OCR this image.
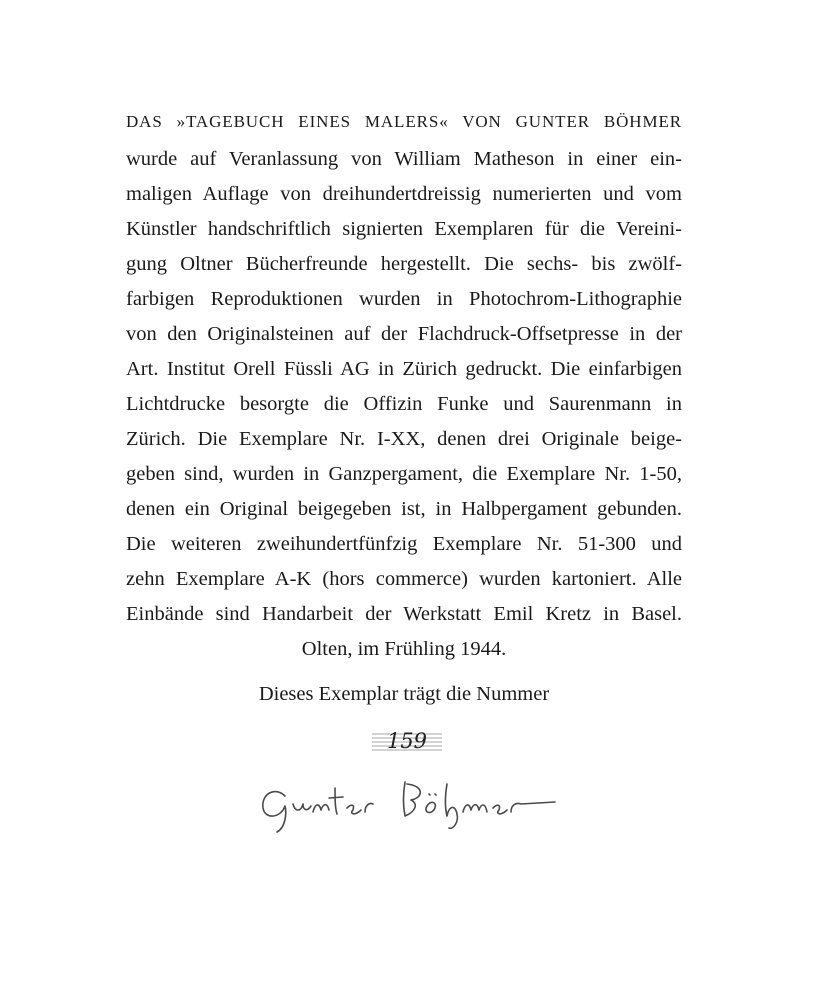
DAS »TAGEBUCH EINES MALERS« VON GUNTER BÖHMER
wurde auf Veranlassung von William Matheson in einer ein-
maligen Auflage von dreihundertdreissig numerierten und vom
Künstler handschriftlich signierten Exemplaren für die Vereini-
gung Oltner Bücherfreunde hergestellt. Die sechs- bis zwölf-
farbigen Reproduktionen wurden in Photochrom-Lithographie
von den Originalsteinen auf der Flachdruck-Offsetpresse in der
Art. Institut Orell Füssli AG in Zürich gedruckt. Die einfarbigen
Lichtdrucke besorgte die Offizin Funke und Saurenmann in
Zürich. Die Exemplare Nr. I-XX, denen drei Originale beige-
geben sind, wurden in Ganzpergament, die Exemplare Nr. 1-50,
denen ein Original beigegeben ist, in Halbpergament gebunden.
Die weiteren zweihundertfünfzig Exemplare Nr. 51-300 und
zehn Exemplare A-K (hors commerce) wurden kartoniert. Alle
Einbände sind Handarbeit der Werkstatt Emil Kretz in Basel.
Olten, im Frühling 1944.
Dieses Exemplar trägt die Nummer
159
